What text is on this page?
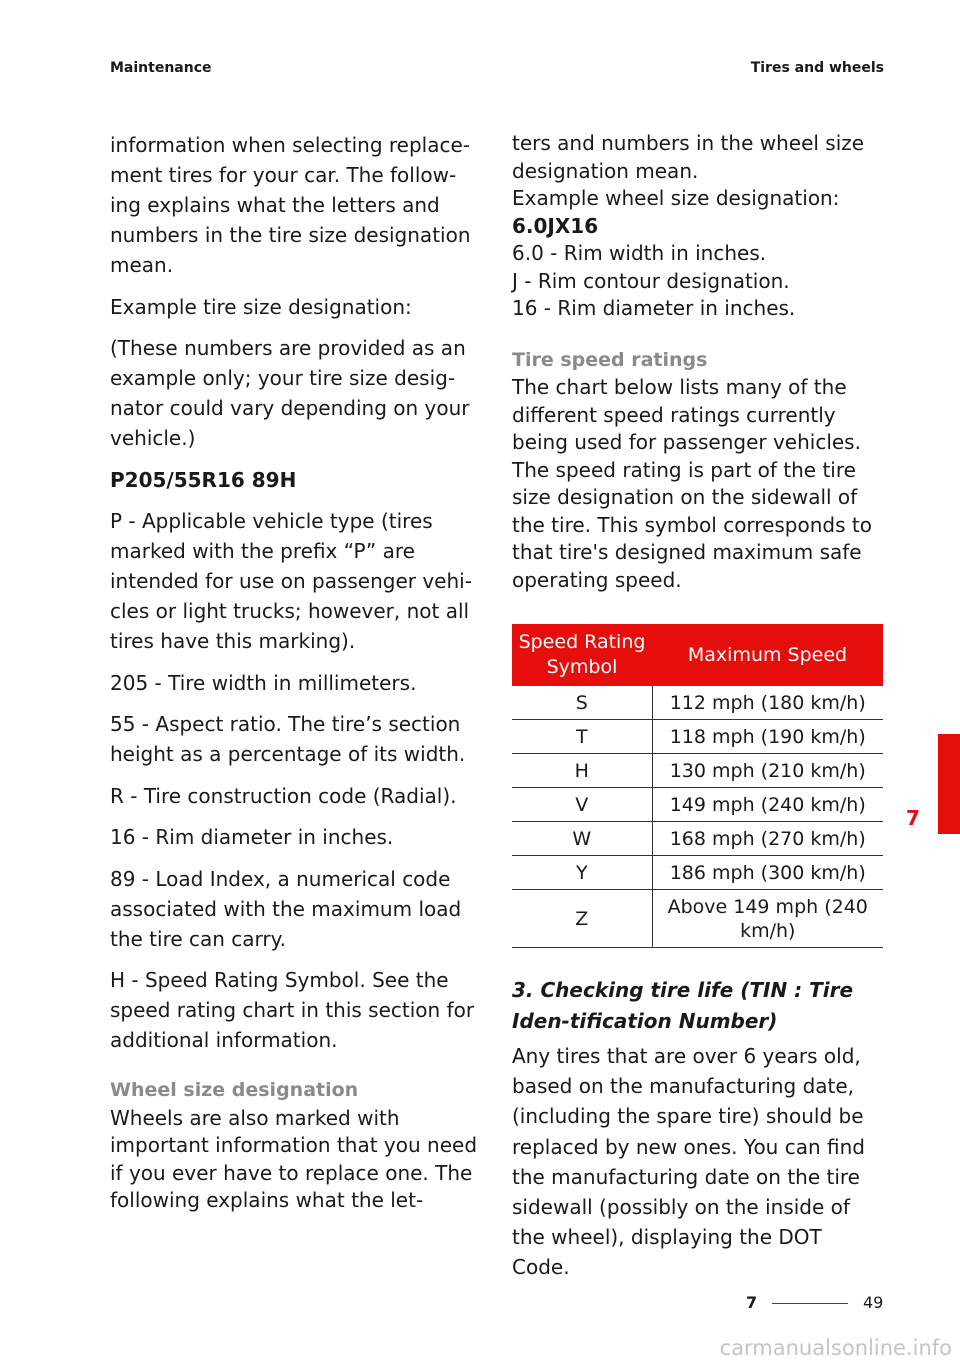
Maintenance	Tires and wheels

information when selecting replace-ment tires for your car. The follow-ing explains what the letters and numbers in the tire size designation mean.

Example tire size designation:

(These numbers are provided as an example only; your tire size desig-nator could vary depending on your vehicle.)

P205/55R16 89H

P - Applicable vehicle type (tires marked with the prefix “P” are intended for use on passenger vehi-cles or light trucks; however, not all tires have this marking).

205 - Tire width in millimeters.

55 - Aspect ratio. The tire’s section height as a percentage of its width.

R - Tire construction code (Radial).

16 - Rim diameter in inches.

89 - Load Index, a numerical code associated with the maximum load the tire can carry.

H - Speed Rating Symbol. See the speed rating chart in this section for additional information.

Wheel size designation
Wheels are also marked with important information that you need if you ever have to replace one. The following explains what the let-
ters and numbers in the wheel size designation mean.
Example wheel size designation:
6.0JX16
6.0 - Rim width in inches.
J - Rim contour designation.
16 - Rim diameter in inches.
Tire speed ratings
The chart below lists many of the different speed ratings currently being used for passenger vehicles. The speed rating is part of the tire size designation on the sidewall of the tire. This symbol corresponds to that tire's designed maximum safe operating speed.
Speed Rating Symbol	Maximum Speed
S	112 mph (180 km/h)
T	118 mph (190 km/h)
H	130 mph (210 km/h)
V	149 mph (240 km/h)
W	168 mph (270 km/h)
Y	186 mph (300 km/h)
Z	Above 149 mph (240 km/h)
3. Checking tire life (TIN : Tire Iden-tification Number)
Any tires that are over 6 years old, based on the manufacturing date, (including the spare tire) should be replaced by new ones. You can find the manufacturing date on the tire sidewall (possibly on the inside of the wheel), displaying the DOT Code.
7
7	49
carmanualsonline.info
